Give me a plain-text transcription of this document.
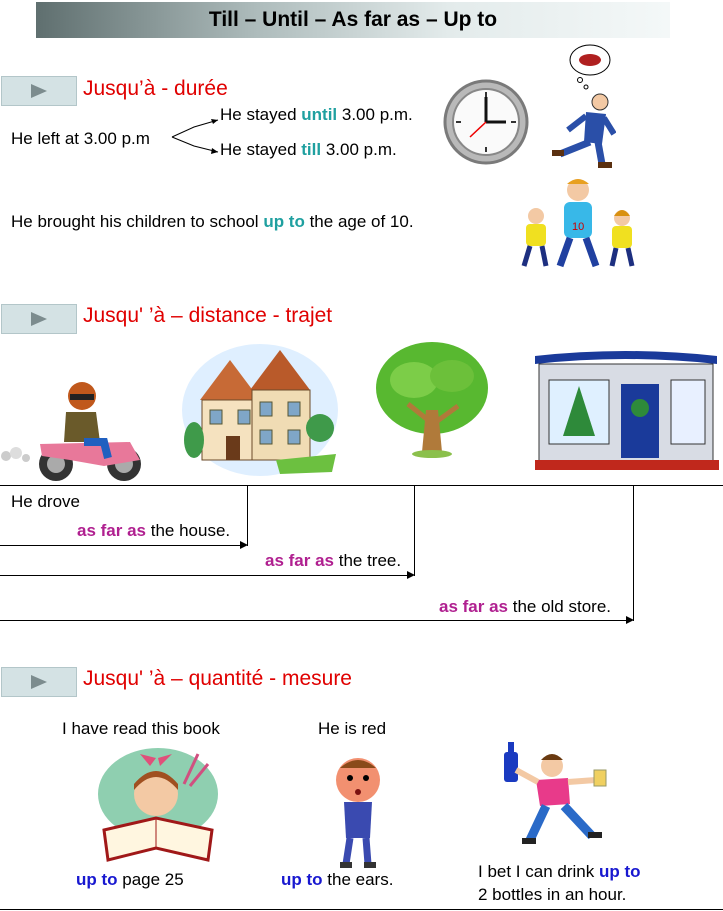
Till – Until – As far as – Up to
Jusqu’à - durée
He left at 3.00 p.m
He stayed until 3.00 p.m.
He stayed till 3.00 p.m.
He brought his children to school up to the age of 10.	10
Jusqu' ’à – distance - trajet
He drove
as far as the house.
as far as the tree.
as far as the old store.
Jusqu' ’à – quantité - mesure
I have read this book	He is red
up to page 25	up to the ears.	I bet I can drink up to
2 bottles in an hour.
